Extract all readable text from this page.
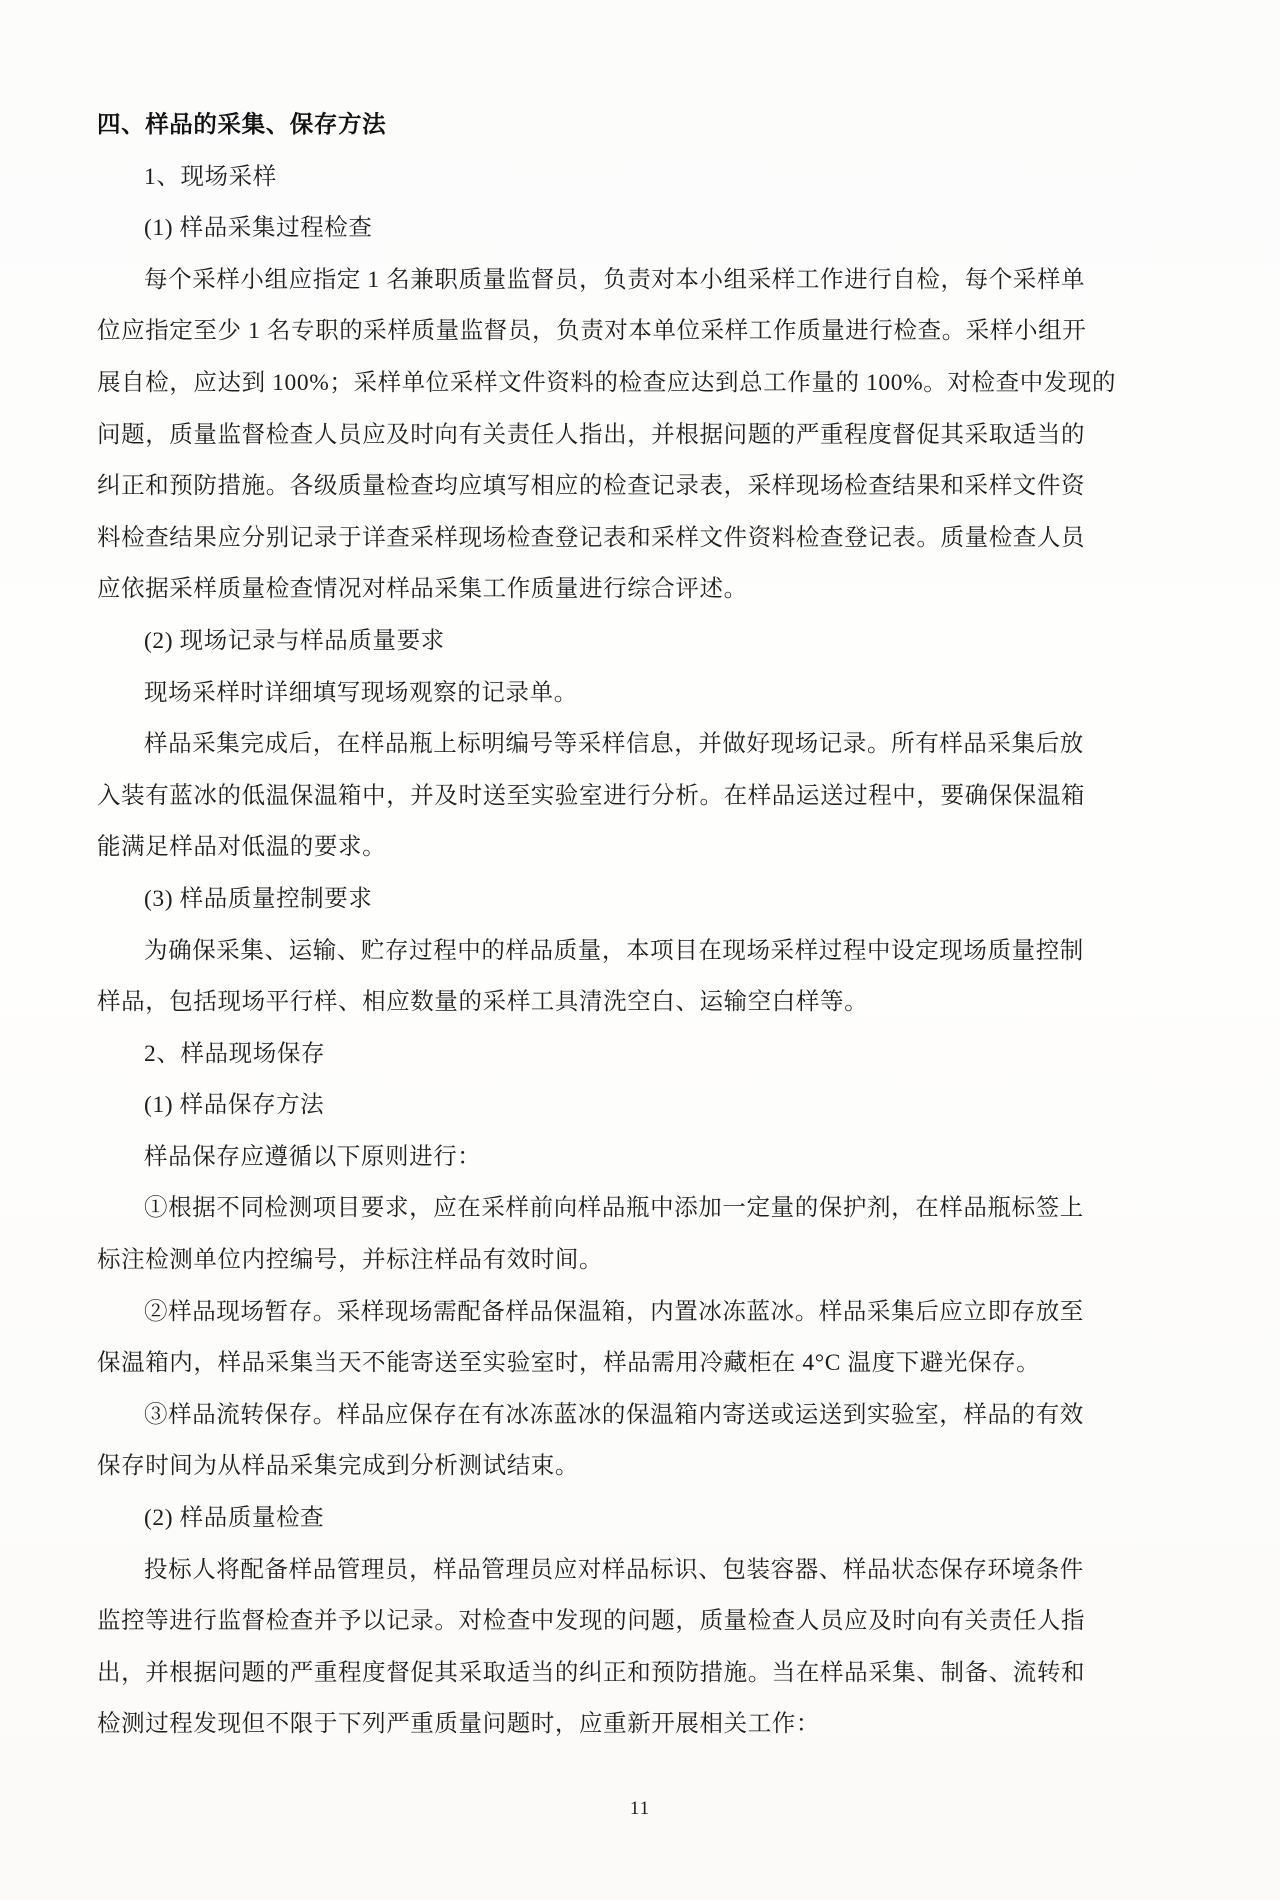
四、样品的采集、保存方法
1、现场采样
(1) 样品采集过程检查
每个采样小组应指定 1 名兼职质量监督员，负责对本小组采样工作进行自检，每个采样单
位应指定至少 1 名专职的采样质量监督员，负责对本单位采样工作质量进行检查。采样小组开
展自检，应达到 100%；采样单位采样文件资料的检查应达到总工作量的 100%。对检查中发现的
问题，质量监督检查人员应及时向有关责任人指出，并根据问题的严重程度督促其采取适当的
纠正和预防措施。各级质量检查均应填写相应的检查记录表，采样现场检查结果和采样文件资
料检查结果应分别记录于详查采样现场检查登记表和采样文件资料检查登记表。质量检查人员
应依据采样质量检查情况对样品采集工作质量进行综合评述。
(2) 现场记录与样品质量要求
现场采样时详细填写现场观察的记录单。
样品采集完成后，在样品瓶上标明编号等采样信息，并做好现场记录。所有样品采集后放
入装有蓝冰的低温保温箱中，并及时送至实验室进行分析。在样品运送过程中，要确保保温箱
能满足样品对低温的要求。
(3) 样品质量控制要求
为确保采集、运输、贮存过程中的样品质量，本项目在现场采样过程中设定现场质量控制
样品，包括现场平行样、相应数量的采样工具清洗空白、运输空白样等。
2、样品现场保存
(1) 样品保存方法
样品保存应遵循以下原则进行：
①根据不同检测项目要求，应在采样前向样品瓶中添加一定量的保护剂，在样品瓶标签上
标注检测单位内控编号，并标注样品有效时间。
②样品现场暂存。采样现场需配备样品保温箱，内置冰冻蓝冰。样品采集后应立即存放至
保温箱内，样品采集当天不能寄送至实验室时，样品需用冷藏柜在 4°C 温度下避光保存。
③样品流转保存。样品应保存在有冰冻蓝冰的保温箱内寄送或运送到实验室，样品的有效
保存时间为从样品采集完成到分析测试结束。
(2) 样品质量检查
投标人将配备样品管理员，样品管理员应对样品标识、包装容器、样品状态保存环境条件
监控等进行监督检查并予以记录。对检查中发现的问题，质量检查人员应及时向有关责任人指
出，并根据问题的严重程度督促其采取适当的纠正和预防措施。当在样品采集、制备、流转和
检测过程发现但不限于下列严重质量问题时，应重新开展相关工作：
11
